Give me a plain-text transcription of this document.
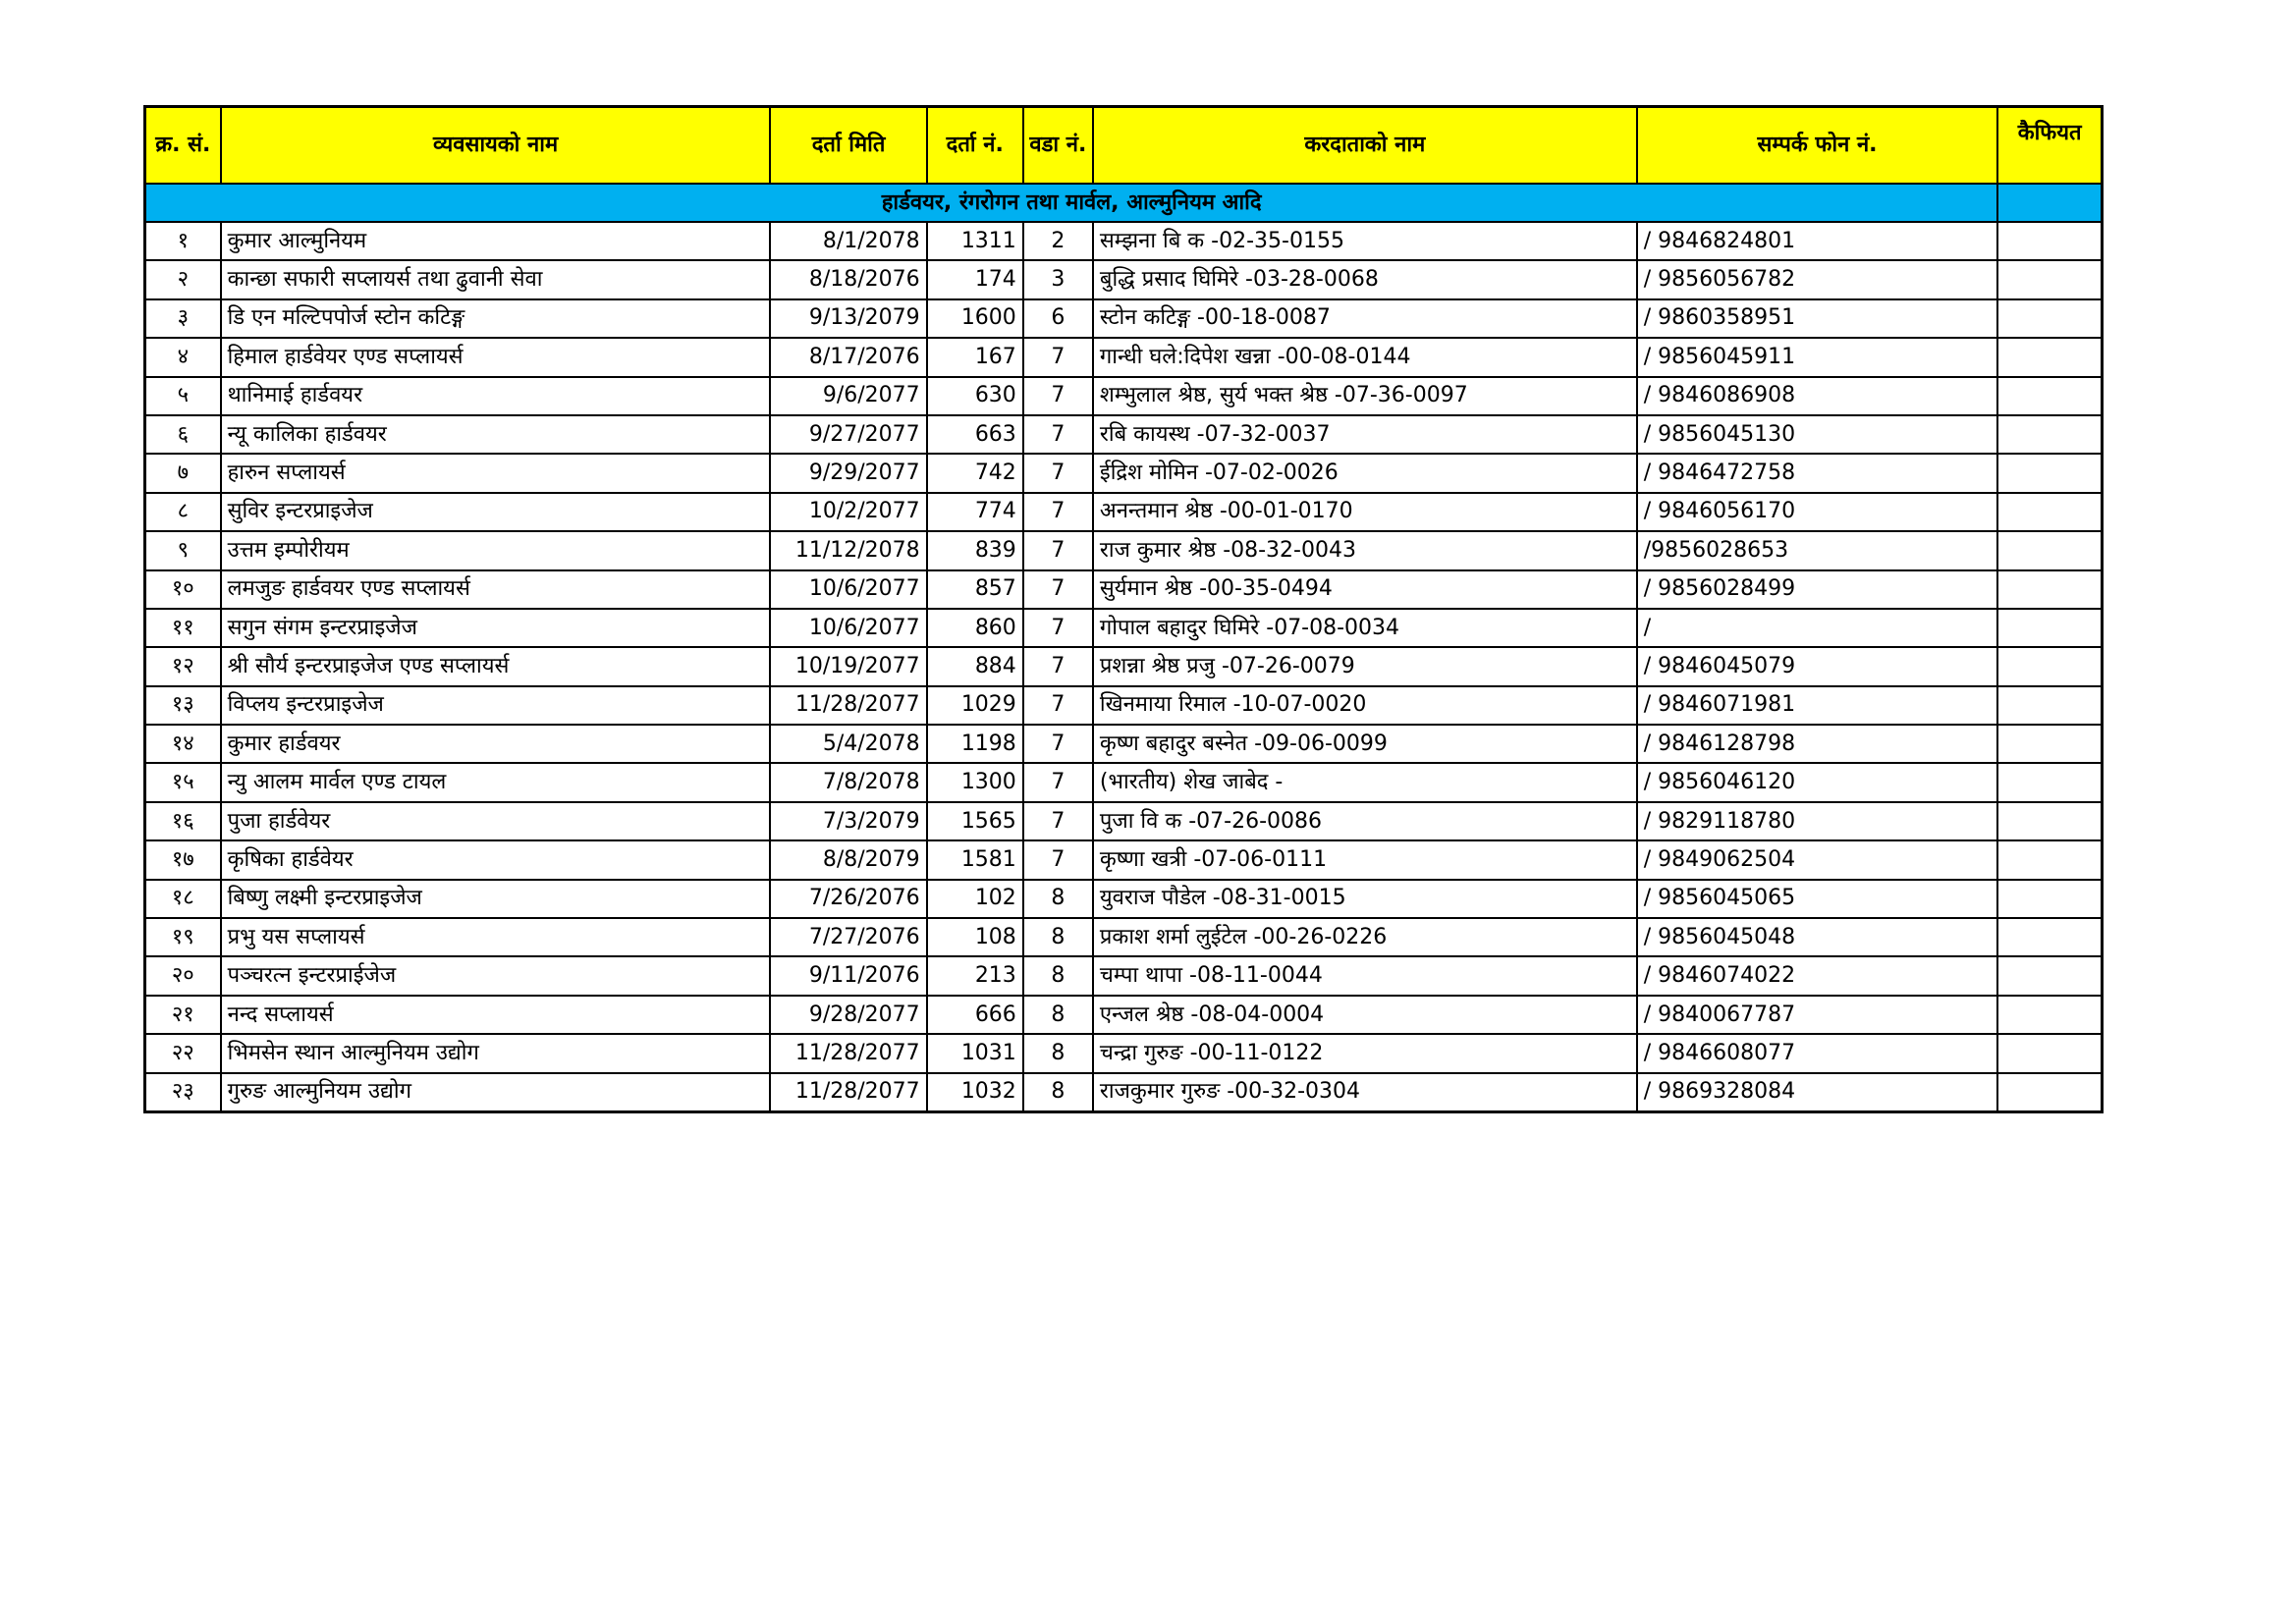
क्र. सं.	व्यवसायको नाम	दर्ता मिति	दर्ता नं.	वडा नं.	करदाताको नाम	सम्पर्क फोन नं.	कैफियत
हार्डवयर, रंगरोगन तथा मार्वल, आल्मुनियम आदि							
१	कुमार आल्मुनियम	8/1/2078	1311	2	सम्झना बि क -02-35-0155	/ 9846824801	
२	कान्छा सफारी सप्लायर्स तथा ढुवानी सेवा	8/18/2076	174	3	बुद्धि प्रसाद घिमिरे -03-28-0068	/ 9856056782	
३	डि एन मल्टिपपोर्ज स्टोन कटिङ्ग	9/13/2079	1600	6	स्टोन कटिङ्ग -00-18-0087	/ 9860358951	
४	हिमाल हार्डवेयर एण्ड सप्लायर्स	8/17/2076	167	7	गान्धी घले:दिपेश खन्ना -00-08-0144	/ 9856045911	
५	थानिमाई हार्डवयर	9/6/2077	630	7	शम्भुलाल श्रेष्ठ, सुर्य भक्त श्रेष्ठ -07-36-0097	/ 9846086908	
६	न्यू कालिका हार्डवयर	9/27/2077	663	7	रबि कायस्थ -07-32-0037	/ 9856045130	
७	हारुन सप्लायर्स	9/29/2077	742	7	ईद्रिश मोमिन -07-02-0026	/ 9846472758	
८	सुविर इन्टरप्राइजेज	10/2/2077	774	7	अनन्तमान श्रेष्ठ -00-01-0170	/ 9846056170	
९	उत्तम इम्पोरीयम	11/12/2078	839	7	राज कुमार श्रेष्ठ -08-32-0043	/9856028653	
१०	लमजुङ हार्डवयर एण्ड सप्लायर्स	10/6/2077	857	7	सुर्यमान श्रेष्ठ -00-35-0494	/ 9856028499	
११	सगुन संगम इन्टरप्राइजेज	10/6/2077	860	7	गोपाल बहादुर घिमिरे -07-08-0034	/	
१२	श्री सौर्य इन्टरप्राइजेज एण्ड सप्लायर्स	10/19/2077	884	7	प्रशन्ना श्रेष्ठ प्रजु -07-26-0079	/ 9846045079	
१३	विप्लय इन्टरप्राइजेज	11/28/2077	1029	7	खिनमाया रिमाल -10-07-0020	/ 9846071981	
१४	कुमार हार्डवयर	5/4/2078	1198	7	कृष्ण बहादुर बस्नेत -09-06-0099	/ 9846128798	
१५	न्यु आलम मार्वल एण्ड टायल	7/8/2078	1300	7	(भारतीय) शेख जाबेद -	/ 9856046120	
१६	पुजा हार्डवेयर	7/3/2079	1565	7	पुजा वि क -07-26-0086	/ 9829118780	
१७	कृषिका हार्डवेयर	8/8/2079	1581	7	कृष्णा खत्री -07-06-0111	/ 9849062504	
१८	बिष्णु लक्ष्मी इन्टरप्राइजेज	7/26/2076	102	8	युवराज पौडेल -08-31-0015	/ 9856045065	
१९	प्रभु यस सप्लायर्स	7/27/2076	108	8	प्रकाश शर्मा लुईटेल -00-26-0226	/ 9856045048	
२०	पञ्चरत्न इन्टरप्राईजेज	9/11/2076	213	8	चम्पा थापा -08-11-0044	/ 9846074022	
२१	नन्द सप्लायर्स	9/28/2077	666	8	एन्जल श्रेष्ठ -08-04-0004	/ 9840067787	
२२	भिमसेन स्थान आल्मुनियम उद्योग	11/28/2077	1031	8	चन्द्रा गुरुङ -00-11-0122	/ 9846608077	
२३	गुरुङ आल्मुनियम उद्योग	11/28/2077	1032	8	राजकुमार गुरुङ -00-32-0304	/ 9869328084	
